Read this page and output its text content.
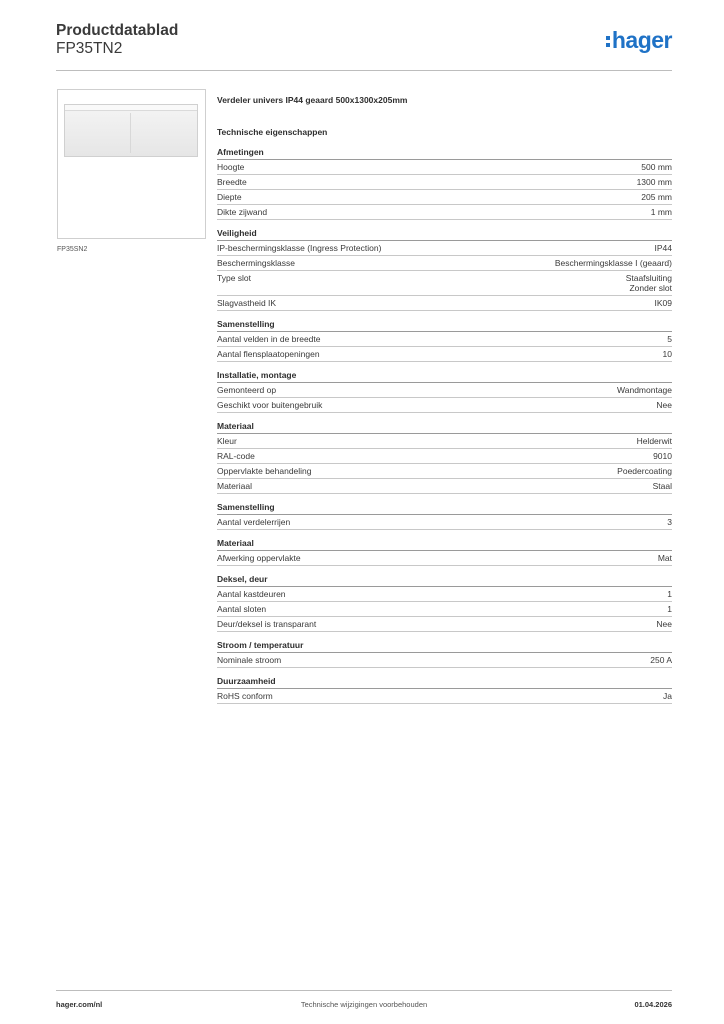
Productdatablad
FP35TN2	hager
FP35SN2
Verdeler univers IP44 geaard 500x1300x205mm
Technische eigenschappen
Afmetingen
Hoogte	500 mm
Breedte	1300 mm
Diepte	205 mm
Dikte zijwand	1 mm
Veiligheid
IP-beschermingsklasse (Ingress Protection)	IP44
Beschermingsklasse	Beschermingsklasse I (geaard)
Type slot	Staafsluiting
Zonder slot
Slagvastheid IK	IK09
Samenstelling
Aantal velden in de breedte	5
Aantal flensplaatopeningen	10
Installatie, montage
Gemonteerd op	Wandmontage
Geschikt voor buitengebruik	Nee
Materiaal
Kleur	Helderwit
RAL-code	9010
Oppervlakte behandeling	Poedercoating
Materiaal	Staal
Samenstelling
Aantal verdelerrijen	3
Materiaal
Afwerking oppervlakte	Mat
Deksel, deur
Aantal kastdeuren	1
Aantal sloten	1
Deur/deksel is transparant	Nee
Stroom / temperatuur
Nominale stroom	250 A
Duurzaamheid
RoHS conform	Ja
hager.com/nl	Technische wijzigingen voorbehouden	01.04.2026
